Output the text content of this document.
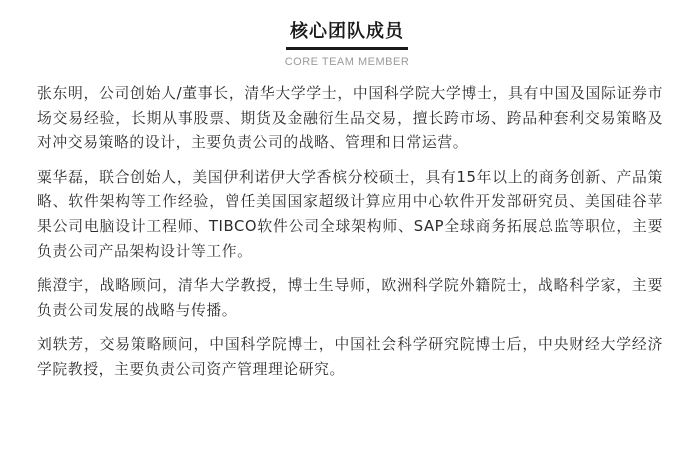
核心团队成员
CORE TEAM MEMBER

张东明，公司创始人/董事长，清华大学学士，中国科学院大学博士，具有中国及国际证券市场交易经验，长期从事股票、期货及金融衍生品交易，擅长跨市场、跨品种套利交易策略及对冲交易策略的设计，主要负责公司的战略、管理和日常运营。

粟华磊，联合创始人，美国伊利诺伊大学香槟分校硕士，具有15年以上的商务创新、产品策略、软件架构等工作经验，曾任美国国家超级计算应用中心软件开发部研究员、美国硅谷苹果公司电脑设计工程师、TIBCO软件公司全球架构师、SAP全球商务拓展总监等职位，主要负责公司产品架构设计等工作。

熊澄宇，战略顾问，清华大学教授，博士生导师，欧洲科学院外籍院士，战略科学家，主要负责公司发展的战略与传播。

刘轶芳，交易策略顾问，中国科学院博士，中国社会科学研究院博士后，中央财经大学经济学院教授，主要负责公司资产管理理论研究。
